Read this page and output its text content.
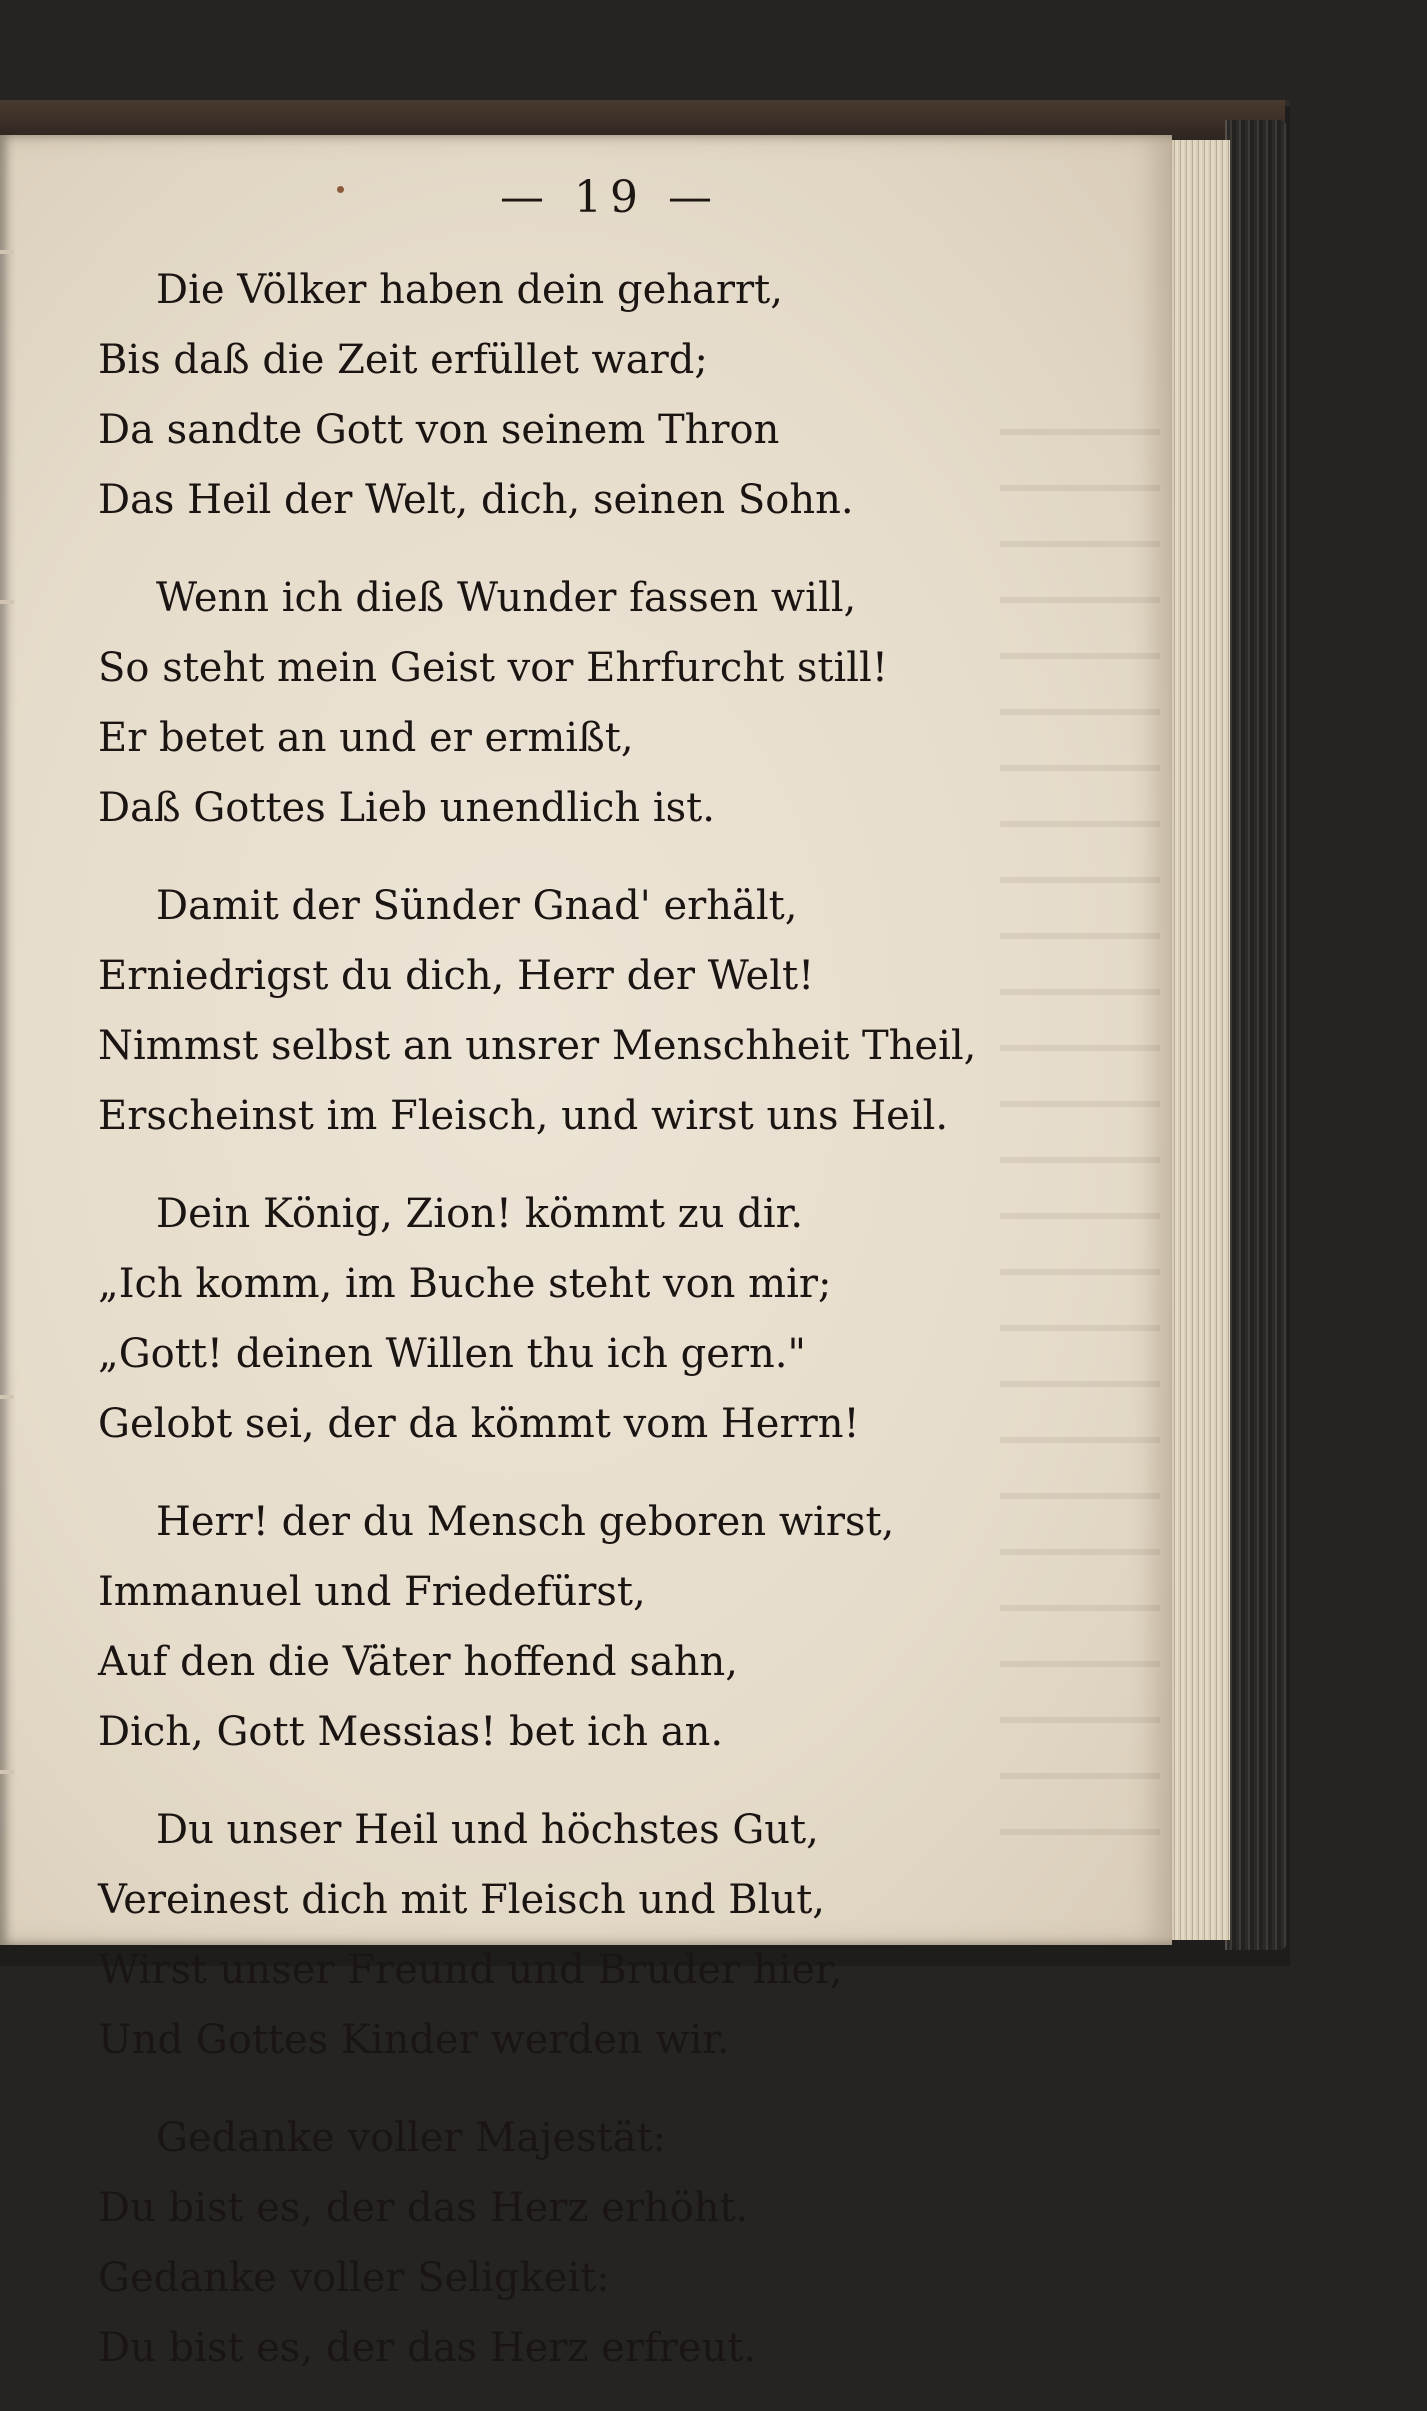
— 19 —
Die Völker haben dein geharrt,
Bis daß die Zeit erfüllet ward;
Da sandte Gott von seinem Thron
Das Heil der Welt, dich, seinen Sohn.
Wenn ich dieß Wunder fassen will,
So steht mein Geist vor Ehrfurcht still!
Er betet an und er ermißt,
Daß Gottes Lieb unendlich ist.
Damit der Sünder Gnad' erhält,
Erniedrigst du dich, Herr der Welt!
Nimmst selbst an unsrer Menschheit Theil,
Erscheinst im Fleisch, und wirst uns Heil.
Dein König, Zion! kömmt zu dir.
„Ich komm, im Buche steht von mir;
„Gott! deinen Willen thu ich gern."
Gelobt sei, der da kömmt vom Herrn!
Herr! der du Mensch geboren wirst,
Immanuel und Friedefürst,
Auf den die Väter hoffend sahn,
Dich, Gott Messias! bet ich an.
Du unser Heil und höchstes Gut,
Vereinest dich mit Fleisch und Blut,
Wirst unser Freund und Bruder hier,
Und Gottes Kinder werden wir.
Gedanke voller Majestät:
Du bist es, der das Herz erhöht.
Gedanke voller Seligkeit:
Du bist es, der das Herz erfreut.
